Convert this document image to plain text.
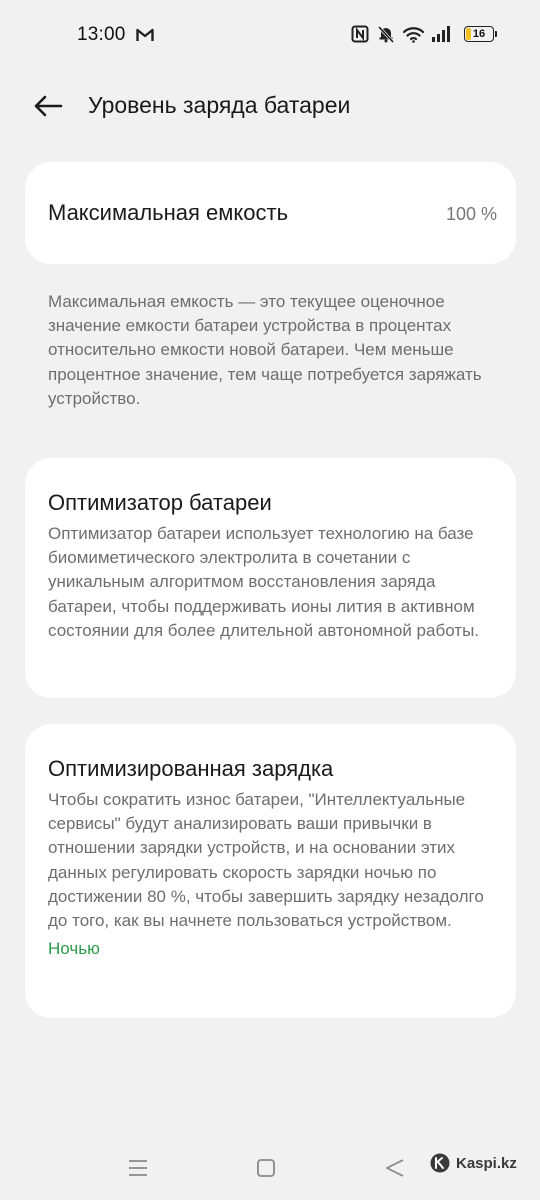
13:00	16
Уровень заряда батареи
Максимальная емкость	100 %
Максимальная емкость — это текущее оценочное значение емкости батареи устройства в процентах относительно емкости новой батареи. Чем меньше процентное значение, тем чаще потребуется заряжать устройство.
Оптимизатор батареи
Оптимизатор батареи использует технологию на базе биомиметического электролита в сочетании с уникальным алгоритмом восстановления заряда батареи, чтобы поддерживать ионы лития в активном состоянии для более длительной автономной работы.
Оптимизированная зарядка
Чтобы сократить износ батареи, "Интеллектуальные сервисы" будут анализировать ваши привычки в отношении зарядки устройств, и на основании этих данных регулировать скорость зарядки ночью по достижении 80 %, чтобы завершить зарядку незадолго до того, как вы начнете пользоваться устройством.
Ночью
Kaspi.kz
